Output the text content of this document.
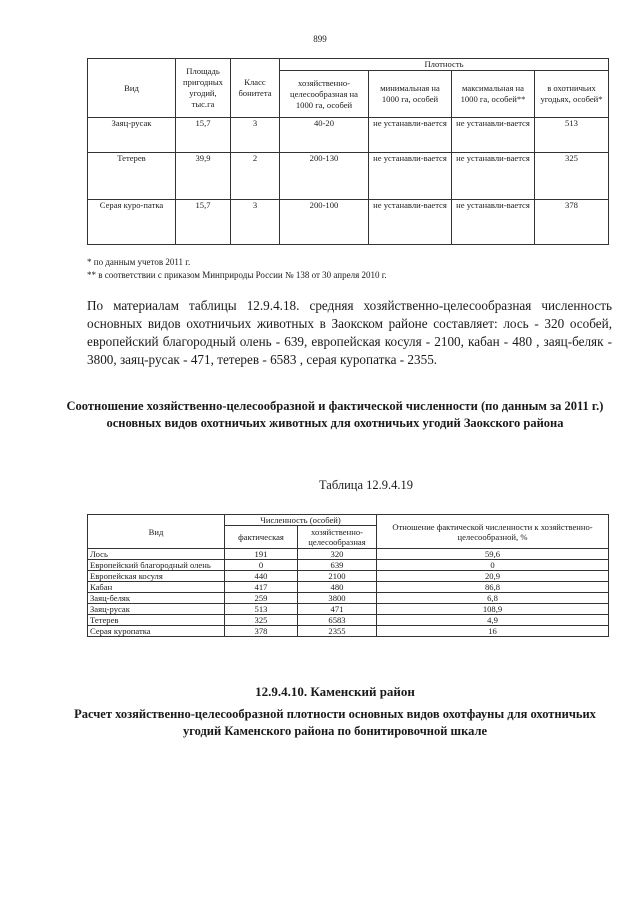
899
Вид	Площадь пригодных угодий, тыс.га	Класс бонитета	Плотность			
			хозяйственно-целесообразная на 1000 га, особей	минимальная на 1000 га, особей	максимальная на 1000 га, особей**	в охотничьих угодьях, особей*
Заяц-русак	15,7	3	40-20	не устанавли-вается	не устанавли-вается	513
Тетерев	39,9	2	200-130	не устанавли-вается	не устанавли-вается	325
Серая куро-патка	15,7	3	200-100	не устанавли-вается	не устанавли-вается	378
* по данным учетов 2011 г.
** в соответствии с приказом Минприроды России № 138 от 30 апреля 2010 г.
По материалам таблицы 12.9.4.18. средняя хозяйственно-целесообразная численность основных видов охотничьих животных в Заокском районе составляет: лось - 320 особей, европейский благородный олень - 639, европейская косуля - 2100, кабан - 480 , заяц-беляк - 3800, заяц-русак - 471, тетерев - 6583 , серая куропатка - 2355.
Соотношение хозяйственно-целесообразной и фактической численности (по данным за 2011 г.) основных видов охотничьих животных для охотничьих угодий Заокского района
Таблица 12.9.4.19
Вид	Численность (особей)		Отношение фактической численности к хозяйственно-целесообразной, %
	фактическая	хозяйственно-целесообразная	
Лось	191	320	59,6
Европейский благородный олень	0	639	0
Европейская косуля	440	2100	20,9
Кабан	417	480	86,8
Заяц-беляк	259	3800	6,8
Заяц-русак	513	471	108,9
Тетерев	325	6583	4,9
Серая куропатка	378	2355	16
12.9.4.10. Каменский район
Расчет хозяйственно-целесообразной плотности основных видов охотфауны для охотничьих угодий Каменского района по бонитировочной шкале
